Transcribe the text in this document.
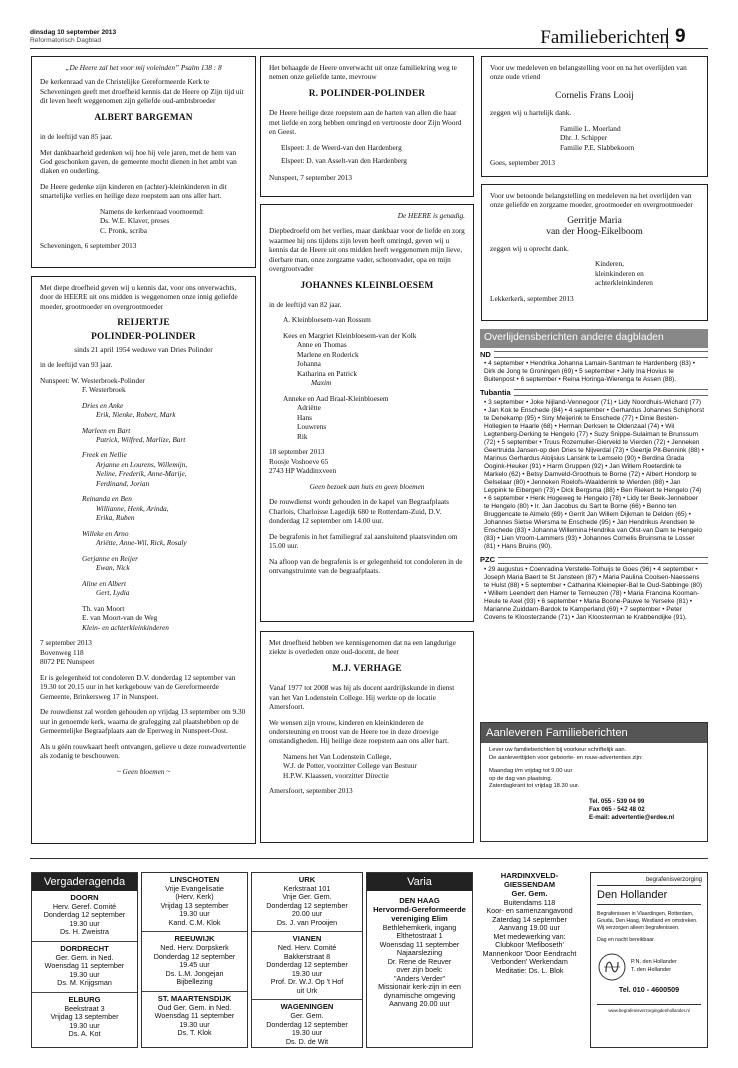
dinsdag 10 september 2013
Reformatorisch Dagblad	Familieberichten 9

„De Heere zal het voor mij voleinden” Psalm 138 : 8

De kerkenraad van de Christelijke Gereformeerde Kerk te Scheveningen geeft met droefheid kennis dat de Heere op Zijn tijd uit dit leven heeft weggenomen zijn geliefde oud-ambtsbroeder

ALBERT BARGEMAN

in de leeftijd van 85 jaar.

Met dankbaarheid gedenken wij hoe hij vele jaren, met de hem van God geschonken gaven, de gemeente mocht dienen in het ambt van diaken en ouderling.

De Heere gedenke zijn kinderen en (achter)-kleinkinderen in dit smartelijke verlies en heilige deze roepstem aan ons aller hart.

Namens de kerkenraad voornoemd:
Ds. W.E. Klaver, preses
C. Pronk, scriba
Scheveningen, 6 september 2013

Het behaagde de Heere onverwacht uit onze familiekring weg te nemen onze geliefde tante, mevrouw

R. POLINDER-POLINDER

De Heere heilige deze roepstem aan de harten van allen die haar met liefde en zorg hebben omringd en vertrooste door Zijn Woord en Geest.

Elspeet: J. de Weerd-van den Hardenberg
Elspeet: D. van Asselt-van den Hardenberg
Nunspeet, 7 september 2013

Voor uw medeleven en belangstelling voor en na het overlijden van onze oude vriend

Cornelis Frans Looij

zeggen wij u hartelijk dank.

Familie L. Moerland
Dhr. J. Schipper
Familie P.E. Slabbekoorn
Goes, september 2013

Voor uw betoonde belangstelling en medeleven na het overlijden van onze geliefde en zorgzame moeder, grootmoeder en overgrootmoeder

Gerritje Maria
van der Hoog-Eikelboom

zeggen wij u oprecht dank.

Kinderen,
kleinkinderen en
achterkleinkinderen
Lekkerkerk, september 2013

De HEERE is genadig.

Diepbedroefd om het verlies, maar dankbaar voor de liefde en zorg waarmee hij ons tijdens zijn leven heeft omringd, geven wij u kennis dat de Heere uit ons midden heeft weggenomen mijn lieve, dierbare man, onze zorgzame vader, schoonvader, opa en mijn overgrootvader

JOHANNES KLEINBLOESEM

in de leeftijd van 82 jaar.

A. Kleinbloesem-van Rossum
Kees en Margriet Kleinbloesem-van der Kolk
Anne en Thomas
Marlene en Roderick
Johanna
Katharina en Patrick
Maxim
Anneke en Aad Braal-Kleinbloesem
Adriëtte
Hans
Louwrens
Rik
18 september 2013
Roosje Voshoeve 65
2743 HP Waddinxveen

Geen bezoek aan huis en geen bloemen

De rouwdienst wordt gehouden in de kapel van Begraafplaats Charlois, Charloisse Lagedijk 680 te Rotterdam-Zuid, D.V. donderdag 12 september om 14.00 uur.

De begrafenis in het familiegraf zal aansluitend plaatsvinden om 15.00 uur.

Na afloop van de begrafenis is er gelegenheid tot condoleren in de ontvangstruimte van de begraafplaats.

Met diepe droefheid geven wij u kennis dat, voor ons onverwachts, door de HEERE uit ons midden is weggenomen onze innig geliefde moeder, grootmoeder en overgrootmoeder

REIJERTJE
POLINDER-POLINDER
sinds 21 april 1954 weduwe van Dries Polinder

in de leeftijd van 93 jaar.

Nunspeet: W. Westerbroek-Polinder
F. Westerbroek
Dries en Anke
Erik, Nienke, Robert, Mark
Marleen en Bart
Patrick, Wilfred, Marlize, Bart
Freek en Nellie
Arjanne en Lourens, Willemijn,
Neline, Frederik, Anne-Marije,
Ferdinand, Jorian
Reinanda en Ben
Willianne, Henk, Arinda,
Erika, Ruben
Willeke en Arno
Ariëtte, Anne-Wil, Rick, Rosaly
Gerjanne en Reijer
Ewan, Nick
Aline en Albert
Gert, Lydia
Th. van Moort
E. van Moort-van de Weg
Klein- en achterkleinkinderen
7 september 2013
Bovenweg 118
8072 PE Nunspeet

Er is gelegenheid tot condoleren D.V. donderdag 12 september van 19.30 tot 20.15 uur in het kerkgebouw van de Gereformeerde Gemeente, Brinkersweg 17 in Nunspeet.

De rouwdienst zal worden gehouden op vrijdag 13 september om 9.30 uur in genoemde kerk, waarna de grafegging zal plaatshebben op de Gemeentelijke Begraafplaats aan de Eperweg in Nunspeet-Oost.

Als u géén rouwkaart heeft ontvangen, gelieve u deze rouwadvertentie als zodanig te beschouwen.

~ Geen bloemen ~

Met droefheid hebben we kennisgenomen dat na een langdurige ziekte is overleden onze oud-docent, de heer

M.J. VERHAGE

Vanaf 1977 tot 2008 was hij als docent aardrijkskunde in dienst van het Van Lodenstein College. Hij werkte op de locatie Amersfoort.

We wensen zijn vrouw, kinderen en kleinkinderen de ondersteuning en troost van de Heere toe in deze droevige omstandigheden. Hij heilige deze roepstem aan ons aller hart.

Namens het Van Lodenstein College,
W.J. de Potter, voorzitter College van Bestuur
H.P.W. Klaassen, voorzitter Directie
Amersfoort, september 2013
Overlijdensberichten andere dagbladen
ND
• 4 september • Hendrika Johanna Lamain-Santman te Hardenberg (83) • Dirk de Jong te Groningen (69) • 5 september • Jelly Ina Hovius te Buitenpost • 6 september • Reina Horinga-Wierenga te Assen (88).
Tubantia
• 3 september • Joke Nijland-Vennegoor (71) • Lidy Noordhuis-Wichard (77) • Jan Kok te Enschede (84) • 4 september • Gerhardus Johannes Schiphorst te Denekamp (95) • Siny Meijerink te Enschede (77) • Dinie Besten-Hollegien te Haarle (68) • Herman Derksen te Oldenzaal (74) • Wil Legtenberg-Derking te Hengelo (77) • Suzy Snippe-Sulaiman te Brunssum (72) • 5 september • Truus Rozemuller-Gierveld te Vierden (72) • Jenneken Geertruida Jansen-op den Dries te Nijverdal (73) • Geertje Pit-Bennink (88) • Marinus Gerhardus Aloijsius Lansink te Lemselo (90) • Berdina Grada Oogink-Heuker (91) • Harm Gruppen (92) • Jan Willem Roeterdink te Markelo (62) • Betsy Damveld-Groothuis te Borne (72) • Albert Hondorp te Gelselaar (80) • Jenneken Roelofs-Waalderink te Wierden (88) • Jan Leppink te Eibergen (73) • Dick Bergsma (88) • Ben Riekert te Hengelo (74) • 6 september • Henk Hogeweg te Hengelo (78) • Lidy ter Beek-Jenneboer te Hengelo (80) • Ir. Jan Jacobus du Sart te Borne (66) • Benno ten Bruggencate te Almelo (69) • Gerrit Jan Willem Dijkman te Delden (65) • Johannes Sietse Wiersma te Enschede (95) • Jan Hendrikus Arendsen te Enschede (83) • Johanna Willemina Hendrika van Olst-van Dam te Hengelo (83) • Lien Vroom-Lammers (93) • Johannes Cornelis Bruinsma te Losser (81) • Hans Bruins (90).
PZC
• 29 augustus • Coenradina Verstelle-Tolhuijs te Goes (96) • 4 september • Joseph Maria Baert te St Jansteen (87) • Maria Paulina Coolsen-Naessens te Hulst (88) • 5 september • Catharina Kleinepier-Bal te Oud-Sabbinge (80) • Willem Leendert den Hamer te Terneuzen (78) • Maria Francina Kooman-Heule te Axel (93) • 6 september • Maria Boone-Pauwe te Yerseke (81) • Marianne Zuiddam-Bardok te Kamperland (69) • 7 september • Peter Covens te Kloosterzande (71) • Jan Kloosterman te Krabbendijke (91).
Aanleveren Familieberichten
Lever uw familieberichten bij voorkeur schriftelijk aan.
De aanleverttijden voor geboorte- en rouw-advertenties zijn:
Maandag t/m vrijdag tot 9.00 uur
op de dag van plaatsing.
Zaterdagkrant tot vrijdag 18.30 uur.
Tel. 055 - 539 04 99
Fax 065 - 542 48 02
E-mail: advertentie@erdee.nl
Vergaderagenda
DOORN
Herv. Geref. Comité
Donderdag 12 september
19.30 uur
Ds. H. Zweistra
DORDRECHT
Ger. Gem. in Ned.
Woensdag 11 september
19.30 uur
Ds. M. Krijgsman
ELBURG
Beekstraat 3
Vrijdag 13 september
19.30 uur
Ds. A. Kot
LINSCHOTEN
Vrije Evangelisatie
(Herv. Kerk)
Vrijdag 13 september
19.30 uur
Kand. C.M. Klok
REEUWIJK
Ned. Herv. Dorpskerk
Donderdag 12 september
19.45 uur
Ds. L.M. Jongejan
Bijbellezing
ST. MAARTENSDIJK
Oud Ger. Gem. in Ned.
Woensdag 11 september
19.30 uur
Ds. T. Klok
URK
Kerkstraat 101
Vrije Ger. Gem.
Donderdag 12 september
20.00 uur
Ds. J. van Prooijen
VIANEN
Ned. Herv. Comité
Bakkerstraat 8
Donderdag 12 september
19.30 uur
Prof. Dr. W.J. Op 't Hof
uit Urk
WAGENINGEN
Ger. Gem.
Donderdag 12 september
19.30 uur
Ds. D. de Wit
Varia
DEN HAAG
Hervormd-Gereformeerde
vereniging Elim
Bethlehemkerk, ingang
Elthetostraat 1
Woensdag 11 september
Najaarsleziing
Dr. Rene de Reuver
over zijn boek:
"Anders Verder"
Missionair kerk-zijn in een
dynamische omgeving
Aanvang 20.00 uur
HARDINXVELD-
GIESSENDAM
Ger. Gem.
Buitendams 118
Koor- en samenzangavond
Zaterdag 14 september
Aanvang 19.00 uur
Met medewerking van:
Clubkoor 'Mefiboseth'
Mannenkoor 'Door Eendracht
Verbonden' Werkendam
Meditatie: Ds. L. Blok
begrafenisverzorging
Den Hollander
Begrafenissen in Vlaardingen, Rotterdam, Gouda, Den Haag, Westland en omstreken.
Wij verzorgen alleen begrafenissen.
Dag en nacht bereikbaar.
P.N. den Hollander
T. den Hollander
Tel. 010 - 4600509
www.begrafenisverzorgingdenhollander.nl
